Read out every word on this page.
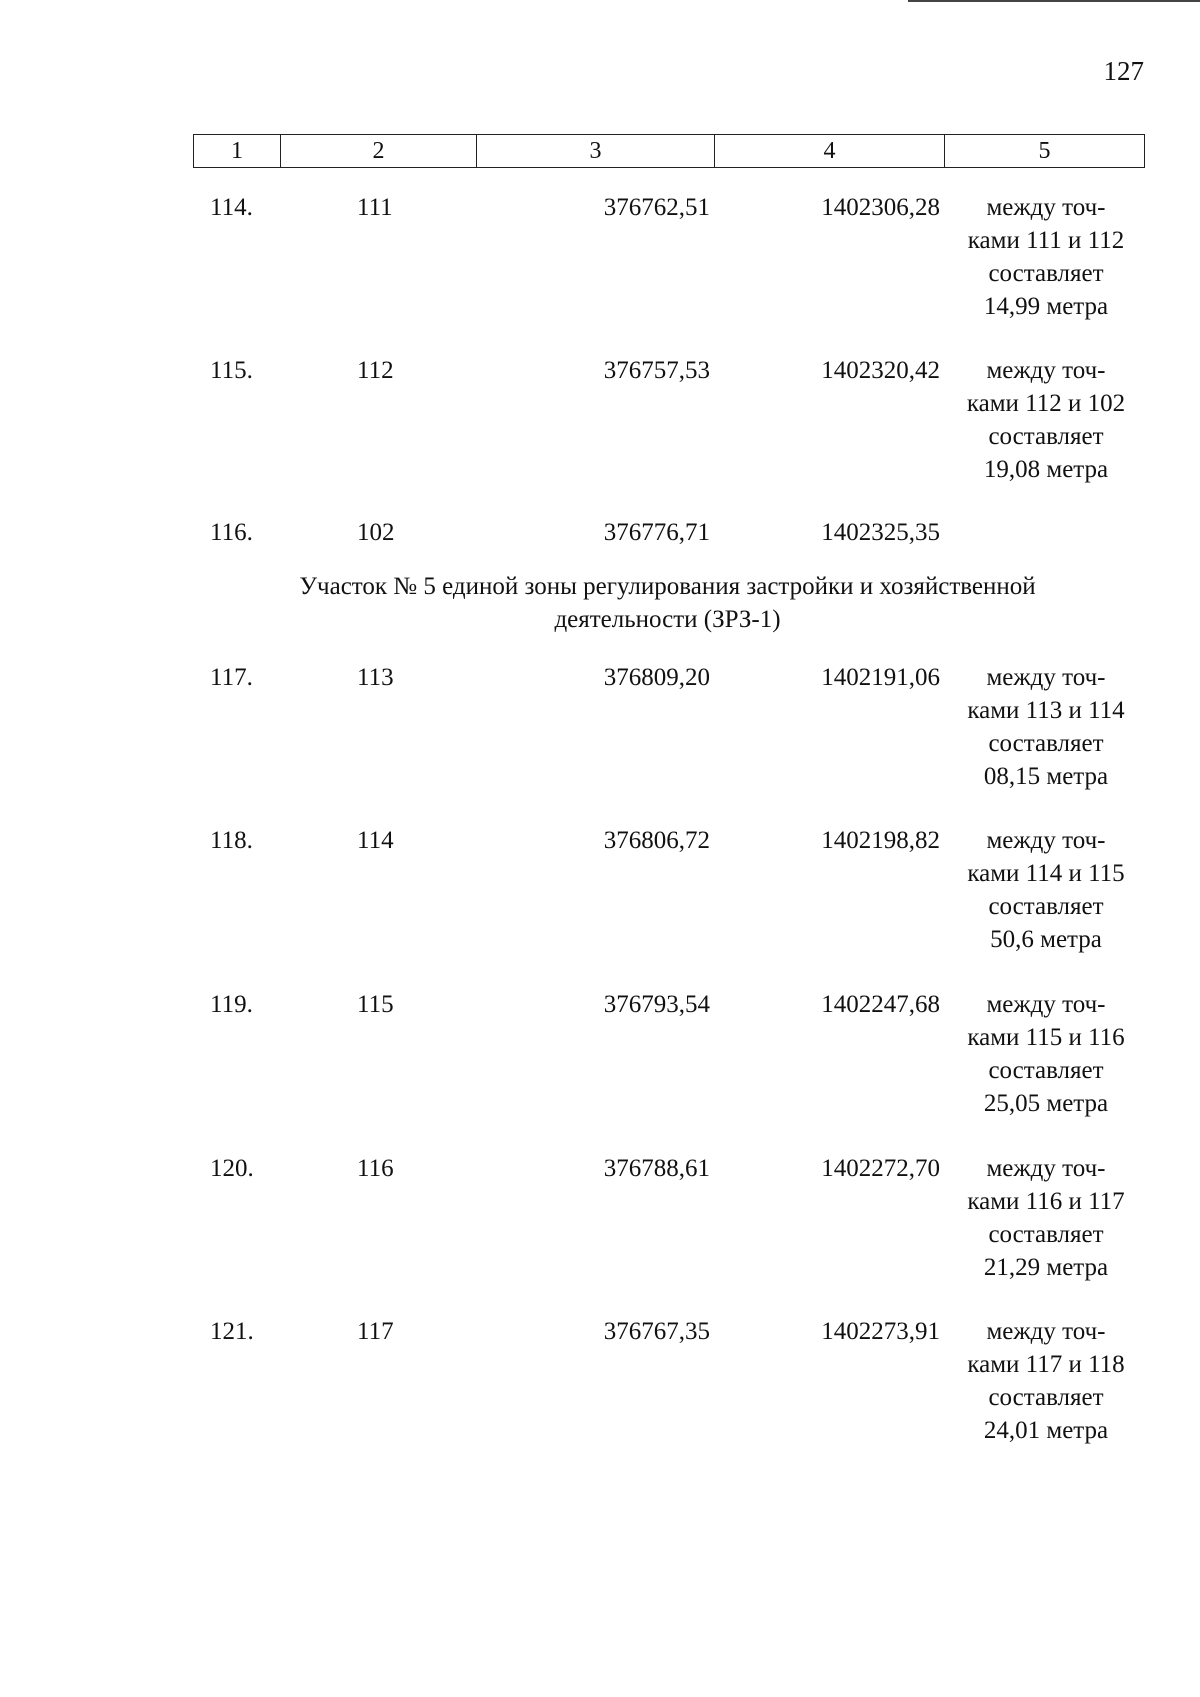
127
1	2	3	4	5
114.	111	376762,51	1402306,28	между точ-
ками 111 и 112
составляет
14,99 метра
115.	112	376757,53	1402320,42	между точ-
ками 112 и 102
составляет
19,08 метра
116.	102	376776,71	1402325,35
Участок № 5 единой зоны регулирования застройки и хозяйственной
деятельности (ЗРЗ-1)
117.	113	376809,20	1402191,06	между точ-
ками 113 и 114
составляет
08,15 метра
118.	114	376806,72	1402198,82	между точ-
ками 114 и 115
составляет
50,6 метра
119.	115	376793,54	1402247,68	между точ-
ками 115 и 116
составляет
25,05 метра
120.	116	376788,61	1402272,70	между точ-
ками 116 и 117
составляет
21,29 метра
121.	117	376767,35	1402273,91	между точ-
ками 117 и 118
составляет
24,01 метра
